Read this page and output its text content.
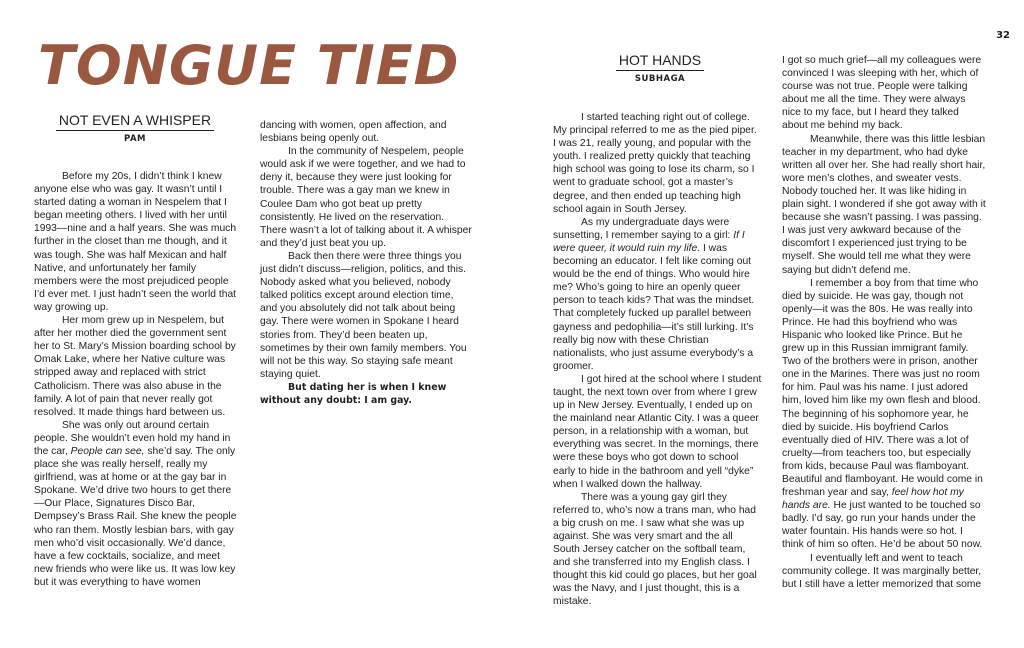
32
TONGUE TIED
NOT EVEN A WHISPER
PAM

Before my 20s, I didn’t think I knew anyone else who was gay. It wasn’t until I started dating a woman in Nespelem that I began meeting others. I lived with her until 1993—nine and a half years. She was much further in the closet than me though, and it was tough. She was half Mexican and half Native, and unfortunately her family members were the most prejudiced people I’d ever met. I just hadn’t seen the world that way growing up.

Her mom grew up in Nespelem, but after her mother died the government sent her to St. Mary’s Mission boarding school by Omak Lake, where her Native culture was stripped away and replaced with strict Catholicism. There was also abuse in the family. A lot of pain that never really got resolved. It made things hard between us.

She was only out around certain people. She wouldn’t even hold my hand in the car, People can see, she’d say. The only place she was really herself, really my girlfriend, was at home or at the gay bar in Spokane. We’d drive two hours to get there—Our Place, Signatures Disco Bar, Dempsey’s Brass Rail. She knew the people who ran them. Mostly lesbian bars, with gay men who’d visit occasionally. We’d dance, have a few cocktails, socialize, and meet new friends who were like us. It was low key but it was everything to have women

dancing with women, open affection, and lesbians being openly out.

In the community of Nespelem, people would ask if we were together, and we had to deny it, because they were just looking for trouble. There was a gay man we knew in Coulee Dam who got beat up pretty consistently. He lived on the reservation. There wasn’t a lot of talking about it. A whisper and they’d just beat you up.

Back then there were three things you just didn’t discuss—religion, politics, and this. Nobody asked what you believed, nobody talked politics except around election time, and you absolutely did not talk about being gay. There were women in Spokane I heard stories from. They’d been beaten up, sometimes by their own family members. You will not be this way. So staying safe meant staying quiet.

But dating her is when I knew without any doubt: I am gay.

HOT HANDS
SUBHAGA

I started teaching right out of college. My principal referred to me as the pied piper. I was 21, really young, and popular with the youth. I realized pretty quickly that teaching high school was going to lose its charm, so I went to graduate school, got a master’s degree, and then ended up teaching high school again in South Jersey.

As my undergraduate days were sunsetting, I remember saying to a girl: If I were queer, it would ruin my life. I was becoming an educator. I felt like coming out would be the end of things. Who would hire me? Who’s going to hire an openly queer person to teach kids? That was the mindset. That completely fucked up parallel between gayness and pedophilia—it’s still lurking. It’s really big now with these Christian nationalists, who just assume everybody’s a groomer.

I got hired at the school where I student taught, the next town over from where I grew up in New Jersey. Eventually, I ended up on the mainland near Atlantic City. I was a queer person, in a relationship with a woman, but everything was secret. In the mornings, there were these boys who got down to school early to hide in the bathroom and yell “dyke” when I walked down the hallway.

There was a young gay girl they referred to, who’s now a trans man, who had a big crush on me. I saw what she was up against. She was very smart and the all South Jersey catcher on the softball team, and she transferred into my English class. I thought this kid could go places, but her goal was the Navy, and I just thought, this is a mistake.

I got so much grief—all my colleagues were convinced I was sleeping with her, which of course was not true. People were talking about me all the time. They were always nice to my face, but I heard they talked about me behind my back.

Meanwhile, there was this little lesbian teacher in my department, who had dyke written all over her. She had really short hair, wore men’s clothes, and sweater vests. Nobody touched her. It was like hiding in plain sight. I wondered if she got away with it because she wasn’t passing. I was passing. I was just very awkward because of the discomfort I experienced just trying to be myself. She would tell me what they were saying but didn’t defend me.

I remember a boy from that time who died by suicide. He was gay, though not openly—it was the 80s. He was really into Prince. He had this boyfriend who was Hispanic who looked like Prince. But he grew up in this Russian immigrant family. Two of the brothers were in prison, another one in the Marines. There was just no room for him. Paul was his name. I just adored him, loved him like my own flesh and blood. The beginning of his sophomore year, he died by suicide. His boyfriend Carlos eventually died of HIV. There was a lot of cruelty—from teachers too, but especially from kids, because Paul was flamboyant. Beautiful and flamboyant. He would come in freshman year and say, feel how hot my hands are. He just wanted to be touched so badly. I’d say, go run your hands under the water fountain. His hands were so hot. I think of him so often. He’d be about 50 now.

I eventually left and went to teach community college. It was marginally better, but I still have a letter memorized that some
